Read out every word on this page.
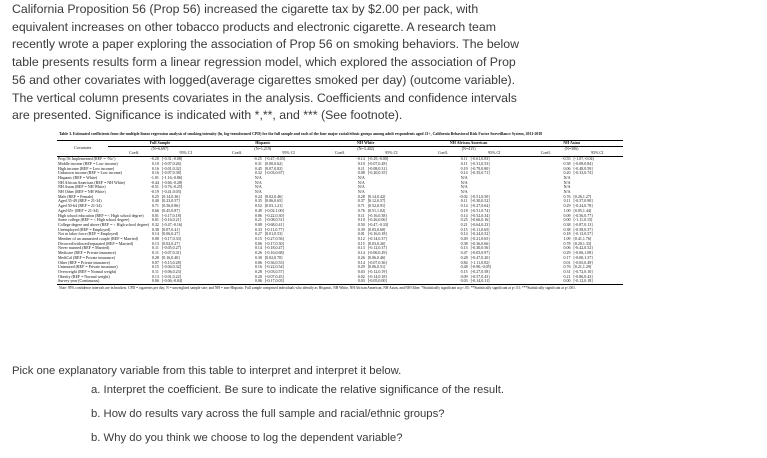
California Proposition 56 (Prop 56) increased the cigarette tax by $2.00 per pack, with

equivalent increases on other tobacco products and electronic cigarette. A research team

recently wrote a paper exploring the association of Prop 56 on smoking behaviors. The below

table presents results form a linear regression model, which explored the association of Prop

56 and other covariates with logged(average cigarettes smoked per day) (outcome variable).

The vertical column presents covariates in the analysis. Coefficients and confidence intervals

are presented. Significance is indicated with *,**, and *** (See footnote).

Table 3. Estimated coefficients from the multiple linear regression analysis of smoking intensity (ln, log-transformed CPD) for the full sample and each of the four major racial/ethnic groups among adult respondents aged 21+, California Behavioral Risk Factor Surveillance System, 2011-2018
	Full Sample		Hispanic		NH White		NH African American		NH Asian	
Covariates	(N=6,697)		(N=1,219)		(N=3,402)		(N=415)		(N=306)	
	Coeff.	95% CI	Coeff.	95% CI	Coeff.	95% CI	Coeff.	95% CI	Coeff.	95% CI
Prop 56 Implemented (REF = ‘No’)	-0.20	[-0.31,-0.08]	-0.25	[-0.47,-0.03]	-0.14	[-0.29,-0.00]	0.11	[-0.61,0.83]	-0.55	[-1.07,-0.04]
Middle income (REF = Low income)	0.10	[-0.07,0.26]	0.31	[0.00,0.62]	0.10	[-0.07,0.28]	0.11	[-0.31,0.53]	0.38	[-0.08,0.84]
High income (REF = Low income)	0.16	[-0.01,0.32]	0.45	[0.07,0.82]	0.11	[-0.08,0.31]	0.19	[-0.79,0.80]	0.06	[-0.48,0.59]
Unknown income (REF = Low income)	0.16	[-0.07,0.38]	0.32	[-0.03,0.67]	0.08	[-0.20,0.35]	0.14	[-0.35,0.71]	0.20	[-0.33,0.74]
Hispanic (REF = White)	-1.01	[-1.16,-0.86]	N/A		N/A		N/A		N/A	
NH African American (REF = NH White)	-0.44	[-0.66,-0.28]	N/A		N/A		N/A		N/A	
NH Asian (REF = NH White)	-0.51	[-0.76,-0.25]	N/A		N/A		N/A		N/A	
NH Other (REF = NH White)	-0.19	[-0.41,0.03]	N/A		N/A		N/A		N/A	
Male (REF = Female)	0.25	[0.14,0.36]	0.24	[0.02,0.46]	0.28	[0.14,0.42]	-0.02	[-0.51,0.50]	0.76	[0.26,1.27]
Aged 35-49 (REF = 21-34)	0.40	[0.23,0.57]	0.35	[0.06,0.65]	0.37	[0.12,0.57]	0.11	[-0.30,0.52]	0.11	[-0.57,0.90]
Aged 50-64 (REF = 21-34)	0.71	[0.56,0.86]	0.52	[0.03,1.21]	0.71	[0.52,0.91]	0.14	[-0.27,0.64]	0.29	[-0.24,0.78]
Aged 65+ (REF = 21-34)	0.66	[0.45,0.87]	0.49	[-0.02,1.00]	0.76	[0.51,1.02]	0.18	[-0.51,0.74]	1.00	[0.05,1.44]
High school education (REF = < High school degree)	0.01	[-0.17,0.18]	0.06	[-0.22,0.30]	0.11	[-0.16,0.38]	0.14	[-0.52,0.34]	0.09	[-0.56,0.77]
Some college (REF = < High school degree)	0.01	[-0.16,0.21]	0.21	[-0.08,0.51]	0.10	[-0.26,0.06]	0.25	[-0.66,0.16]	0.00	[-1.11,0.15]
College degree and above (REF = < High school degree)	0.32	[-0.47,-0.16]	0.08	[-0.68,0.41]	0.50	[-0.47,-0.33]	0.21	[-0.64,0.23]	0.38	[-0.87,0.13]
Unemployed (REF = Employed)	0.38	[0.07,0.41]	0.33	[-0.11,0.77]	0.39	[0.03,0.60]	0.15	[-0.11,0.65]	0.38	[-0.58,0.37]
Not in labor force (REF = Employed)	0.14	[0.06,0.27]	0.27	[0.01,0.53]	0.01	[-0.16,0.18]	0.14	[-0.24,0.52]	0.18	[-0.13,0.57]
Member of an unmarried couple (REF = Married)	0.08	[-0.17,0.33]	0.15	[-0.27,0.56]	0.12	[-0.14,0.37]	0.49	[-0.21,0.65]	1.09	[0.41,1.76]
Divorced/widowed/separated (REF = Married)	0.13	[0.02,0.27]	0.06	[-0.17,0.30]	0.15	[0.03,0.26]	0.38	[-0.36,0.66]	0.78	[0.20,1.33]
Never married (REF = Married)	0.11	[-0.05,0.27]	0.14	[-0.18,0.47]	0.13	[-0.12,0.37]	0.13	[-0.30,0.56]	0.06	[-0.42,0.52]
Medicare (REF = Private insurance)	0.11	[-0.07,0.31]	0.26	[-0.16,0.68]	0.14	[-0.06,0.29]	0.47	[-0.05,0.97]	0.29	[-0.06,1.08]
MediCal (REF = Private insurance)	0.28	[0.16,0.40]	0.30	[0.02,0.70]	0.26	[0.06,0.46]	0.28	[-0.47,0.20]	0.17	[-0.00,1.37]
Other (REF = Private insurance)	0.07	[-0.15,0.28]	0.06	[-0.36,0.53]	0.14	[-0.07,0.36]	0.84	[-1.11,0.02]	0.01	[-0.65,0.49]
Uninsured (REF = Private insurance)	0.15	[-0.04,0.32]	0.16	[-0.22,0.54]	0.29	[0.06,0.51]	0.48	[-0.90,-0.05]	0.76	[0.21,1.29]
Overweight (REF = Normal weight)	0.11	[-0.06,0.23]	0.28	[-0.03,0.57]	0.03	[-0.12,0.19]	0.15	[-0.27,0.58]	0.31	[-0.72,0.10]
Obesity (REF = Normal weight)	0.13	[-0.01,0.22]	0.20	[-0.07,0.45]	0.02	[-0.14,0.18]	0.09	[-0.57,0.43]	0.21	[-0.86,0.43]
Survey year (Continuous)	0.06	[-0.06,-0.04]	0.06	[-0.17,0.03]	0.03	[-0.05,0.00]	0.03	[-0.14,0.11]	0.00	[-0.12,0.18]
Note: 95% confidence intervals are in brackets. CPD = cigarettes per day; N = unweighted sample size; and NH = non-Hispanic. Full sample comprised individuals who identify as Hispanic, NH White, NH African American, NH Asian, and NH Other. *Statistically significant at p<.05; **Statistically significant at p<.01; ***Statistically significant at p<.001.
Pick one explanatory variable from this table to interpret and interpret it below.
a. Interpret the coefficient. Be sure to indicate the relative significance of the result.
b. How do results vary across the full sample and racial/ethnic groups?
b. Why do you think we choose to log the dependent variable?
